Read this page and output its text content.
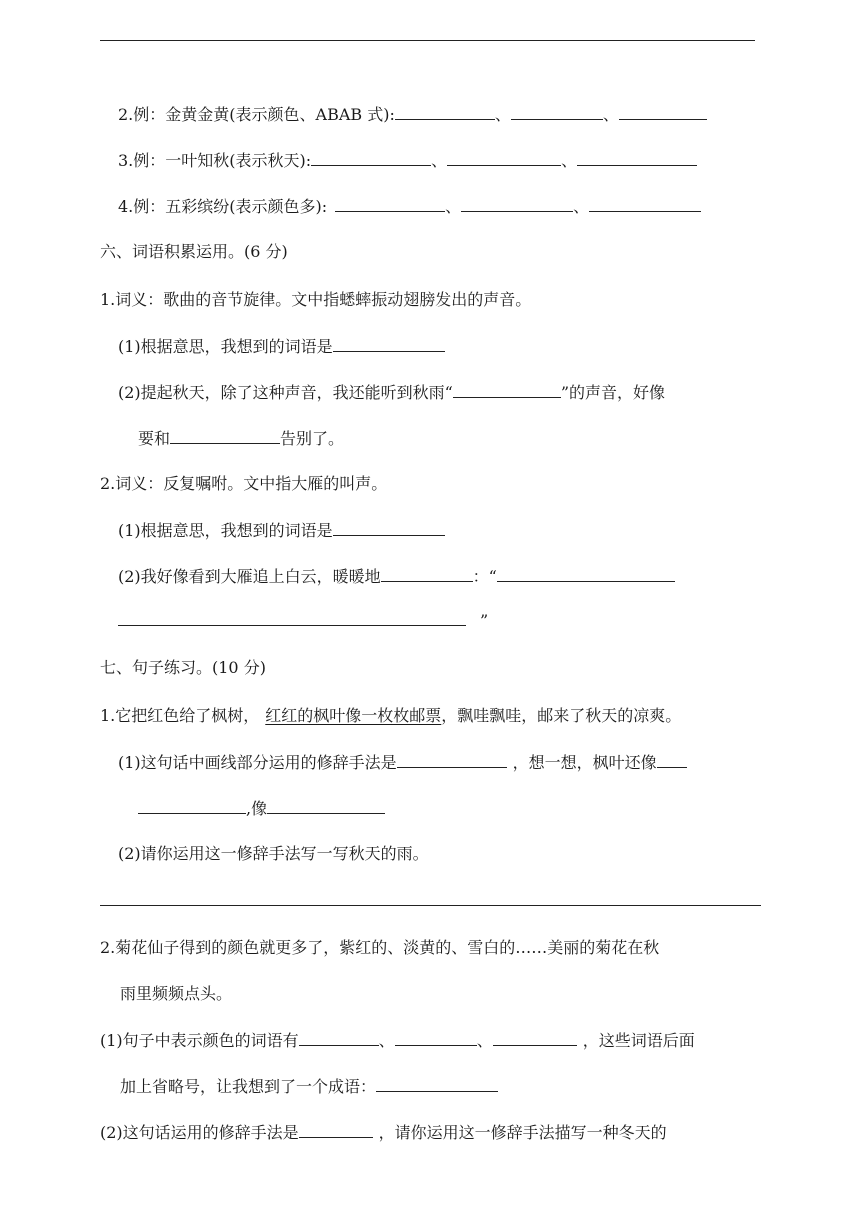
2.例：金黄金黄(表示颜色、ABAB 式):	、	、
3.例：一叶知秋(表示秋天):	、	、
4.例：五彩缤纷(表示颜色多):	、	、
六、词语积累运用。(6 分)
1.词义：歌曲的音节旋律。文中指蟋蟀振动翅膀发出的声音。
(1)根据意思，我想到的词语是
(2)提起秋天，除了这种声音，我还能听到秋雨“	”的声音，好像
要和	告别了。
2.词义：反复嘱咐。文中指大雁的叫声。
(1)根据意思，我想到的词语是
(2)我好像看到大雁追上白云，暖暖地	：“
”
七、句子练习。(10 分)
1.它把红色给了枫树， 红红的枫叶像一枚枚邮票，飘哇飘哇，邮来了秋天的凉爽。
(1)这句话中画线部分运用的修辞手法是	，想一想，枫叶还像
,像
(2)请你运用这一修辞手法写一写秋天的雨。
2.菊花仙子得到的颜色就更多了，紫红的、淡黄的、雪白的……美丽的菊花在秋
雨里频频点头。
(1)句子中表示颜色的词语有	、	、	，这些词语后面
加上省略号，让我想到了一个成语：
(2)这句话运用的修辞手法是	，请你运用这一修辞手法描写一种冬天的
